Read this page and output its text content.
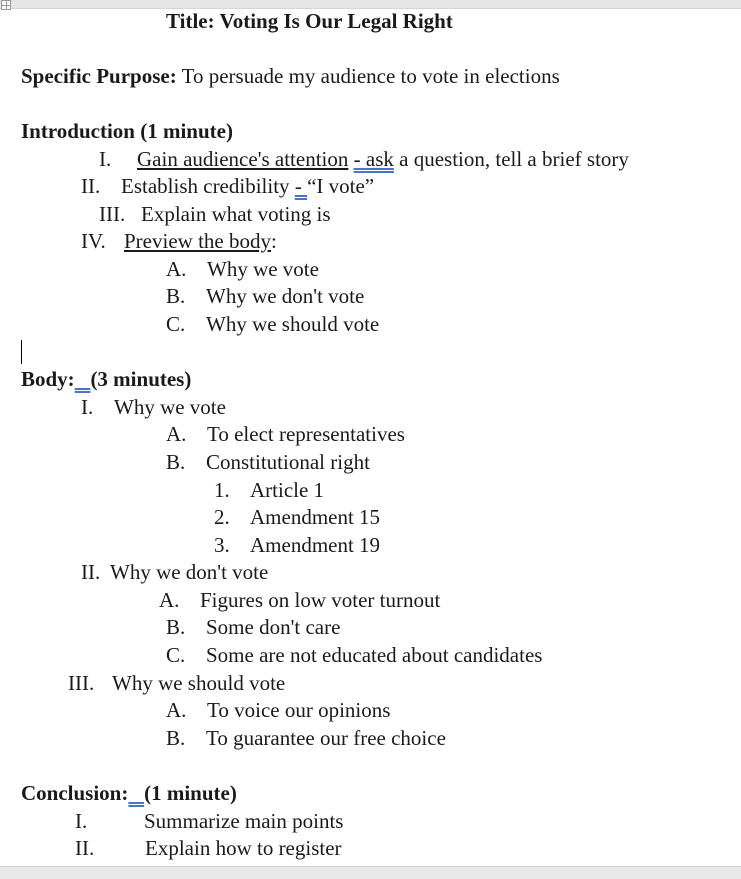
Title: Voting Is Our Legal Right
Specific Purpose: To persuade my audience to vote in elections
Introduction (1 minute)
I. Gain audience's attention - ask a question, tell a brief story
II. Establish credibility - “I vote”
III. Explain what voting is
IV. Preview the body:
A. Why we vote
B. Why we don't vote
C. Why we should vote
Body: (3 minutes)
I. Why we vote
A. To elect representatives
B. Constitutional right
1. Article 1
2. Amendment 15
3. Amendment 19
II. Why we don't vote
A. Figures on low voter turnout
B. Some don't care
C. Some are not educated about candidates
III. Why we should vote
A. To voice our opinions
B. To guarantee our free choice
Conclusion: (1 minute)
I.	Summarize main points
II. Explain how to register
